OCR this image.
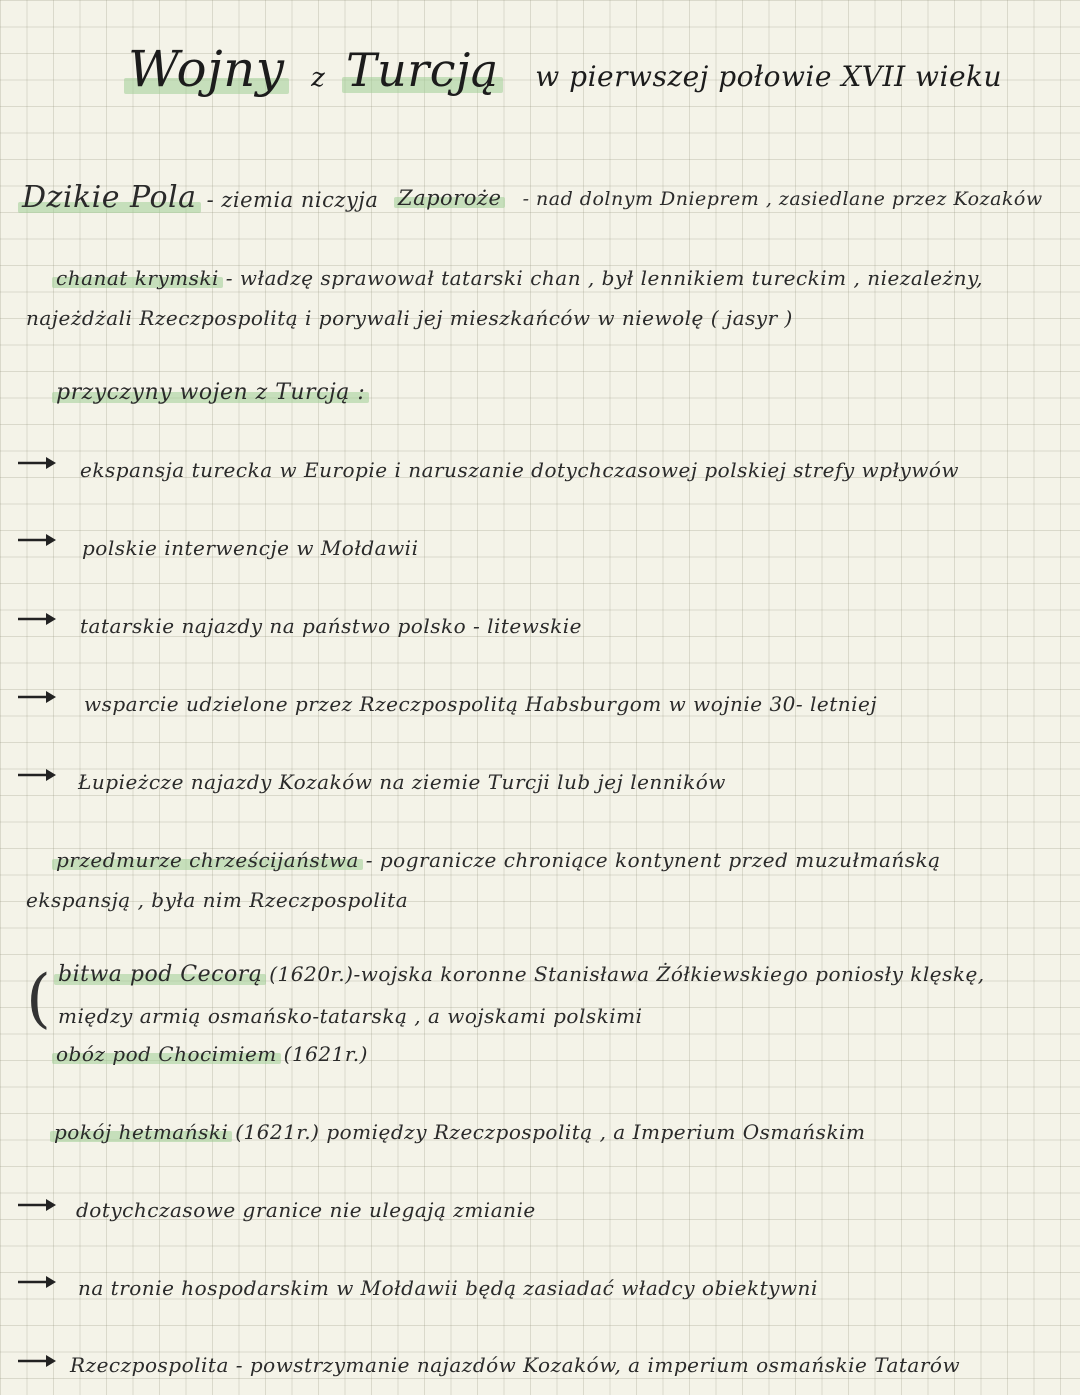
Wojny z Turcją w pierwszej połowie XVII wieku
Dzikie Pola - ziemia niczyja Zaporoże - nad dolnym Dnieprem , zasiedlane przez Kozaków
chanat krymski - władzę sprawował tatarski chan , był lennikiem tureckim , niezależny,
najeżdżali Rzeczpospolitą i porywali jej mieszkańców w niewolę ( jasyr )
przyczyny wojen z Turcją :
ekspansja turecka w Europie i naruszanie dotychczasowej polskiej strefy wpływów
polskie interwencje w Mołdawii
tatarskie najazdy na państwo polsko - litewskie
wsparcie udzielone przez Rzeczpospolitą Habsburgom w wojnie 30- letniej
Łupieżcze najazdy Kozaków na ziemie Turcji lub jej lenników
przedmurze chrześcijaństwa - pogranicze chroniące kontynent przed muzułmańską
ekspansją , była nim Rzeczpospolita
( bitwa pod Cecorą (1620r.)-wojska koronne Stanisława Żółkiewskiego poniosły klęskę,
między armią osmańsko-tatarską , a wojskami polskimi
obóz pod Chocimiem (1621r.)
pokój hetmański (1621r.) pomiędzy Rzeczpospolitą , a Imperium Osmańskim
dotychczasowe granice nie ulegają zmianie
na tronie hospodarskim w Mołdawii będą zasiadać władcy obiektywni
Rzeczpospolita - powstrzymanie najazdów Kozaków, a imperium osmańskie Tatarów
